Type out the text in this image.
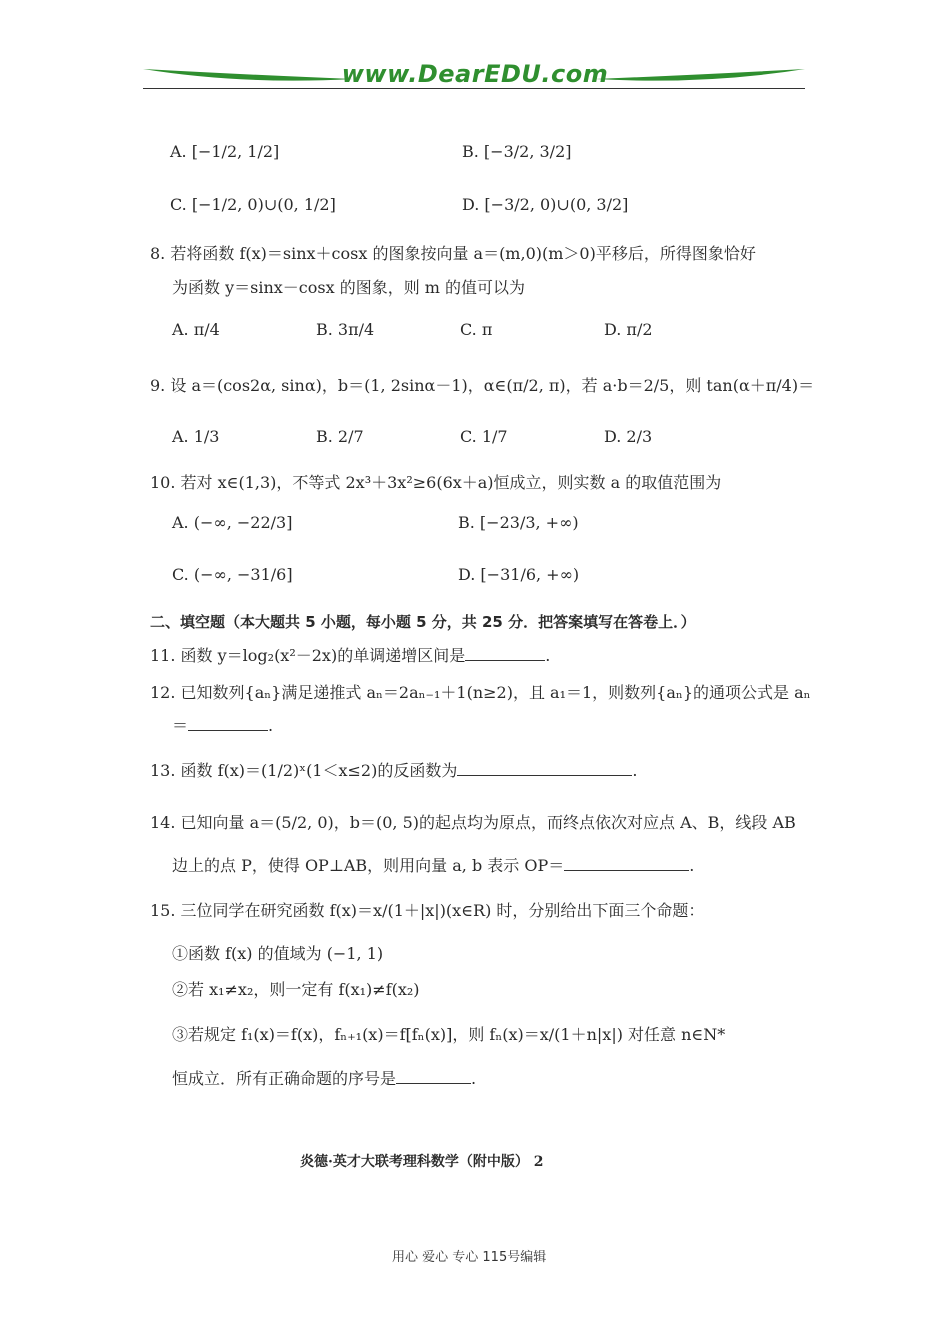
www.DearEDU.com
A. [−1/2, 1/2]	B. [−3/2, 3/2]
C. [−1/2, 0)∪(0, 1/2]	D. [−3/2, 0)∪(0, 3/2]
8. 若将函数 f(x)＝sinx＋cosx 的图象按向量 a＝(m,0)(m＞0)平移后，所得图象恰好
为函数 y＝sinx－cosx 的图象，则 m 的值可以为
A. π/4	B. 3π/4	C. π	D. π/2
9. 设 a＝(cos2α, sinα)，b＝(1, 2sinα－1)，α∈(π/2, π)，若 a·b＝2/5，则 tan(α＋π/4)＝
A. 1/3	B. 2/7	C. 1/7	D. 2/3
10. 若对 x∈(1,3)，不等式 2x³＋3x²≥6(6x＋a)恒成立，则实数 a 的取值范围为
A. (−∞, −22/3]	B. [−23/3, +∞)
C. (−∞, −31/6]	D. [−31/6, +∞)
二、填空题（本大题共 5 小题，每小题 5 分，共 25 分．把答案填写在答卷上．）
11. 函数 y＝log₂(x²－2x)的单调递增区间是	.
12. 已知数列{aₙ}满足递推式 aₙ＝2aₙ₋₁＋1(n≥2)，且 a₁＝1，则数列{aₙ}的通项公式是 aₙ
＝	.
13. 函数 f(x)＝(1/2)ˣ(1＜x≤2)的反函数为	.
14. 已知向量 a＝(5/2, 0)，b＝(0, 5)的起点均为原点，而终点依次对应点 A、B，线段 AB
边上的点 P，使得 OP⊥AB，则用向量 a, b 表示 OP＝	.
15. 三位同学在研究函数 f(x)＝x/(1＋|x|)(x∈R) 时，分别给出下面三个命题：
①函数 f(x) 的值域为 (−1, 1)
②若 x₁≠x₂，则一定有 f(x₁)≠f(x₂)
③若规定 f₁(x)＝f(x)，fₙ₊₁(x)＝f[fₙ(x)]，则 fₙ(x)＝x/(1＋n|x|) 对任意 n∈N*
恒成立．所有正确命题的序号是	.
炎德·英才大联考理科数学（附中版） 2
用心 爱心 专心 115号编辑
